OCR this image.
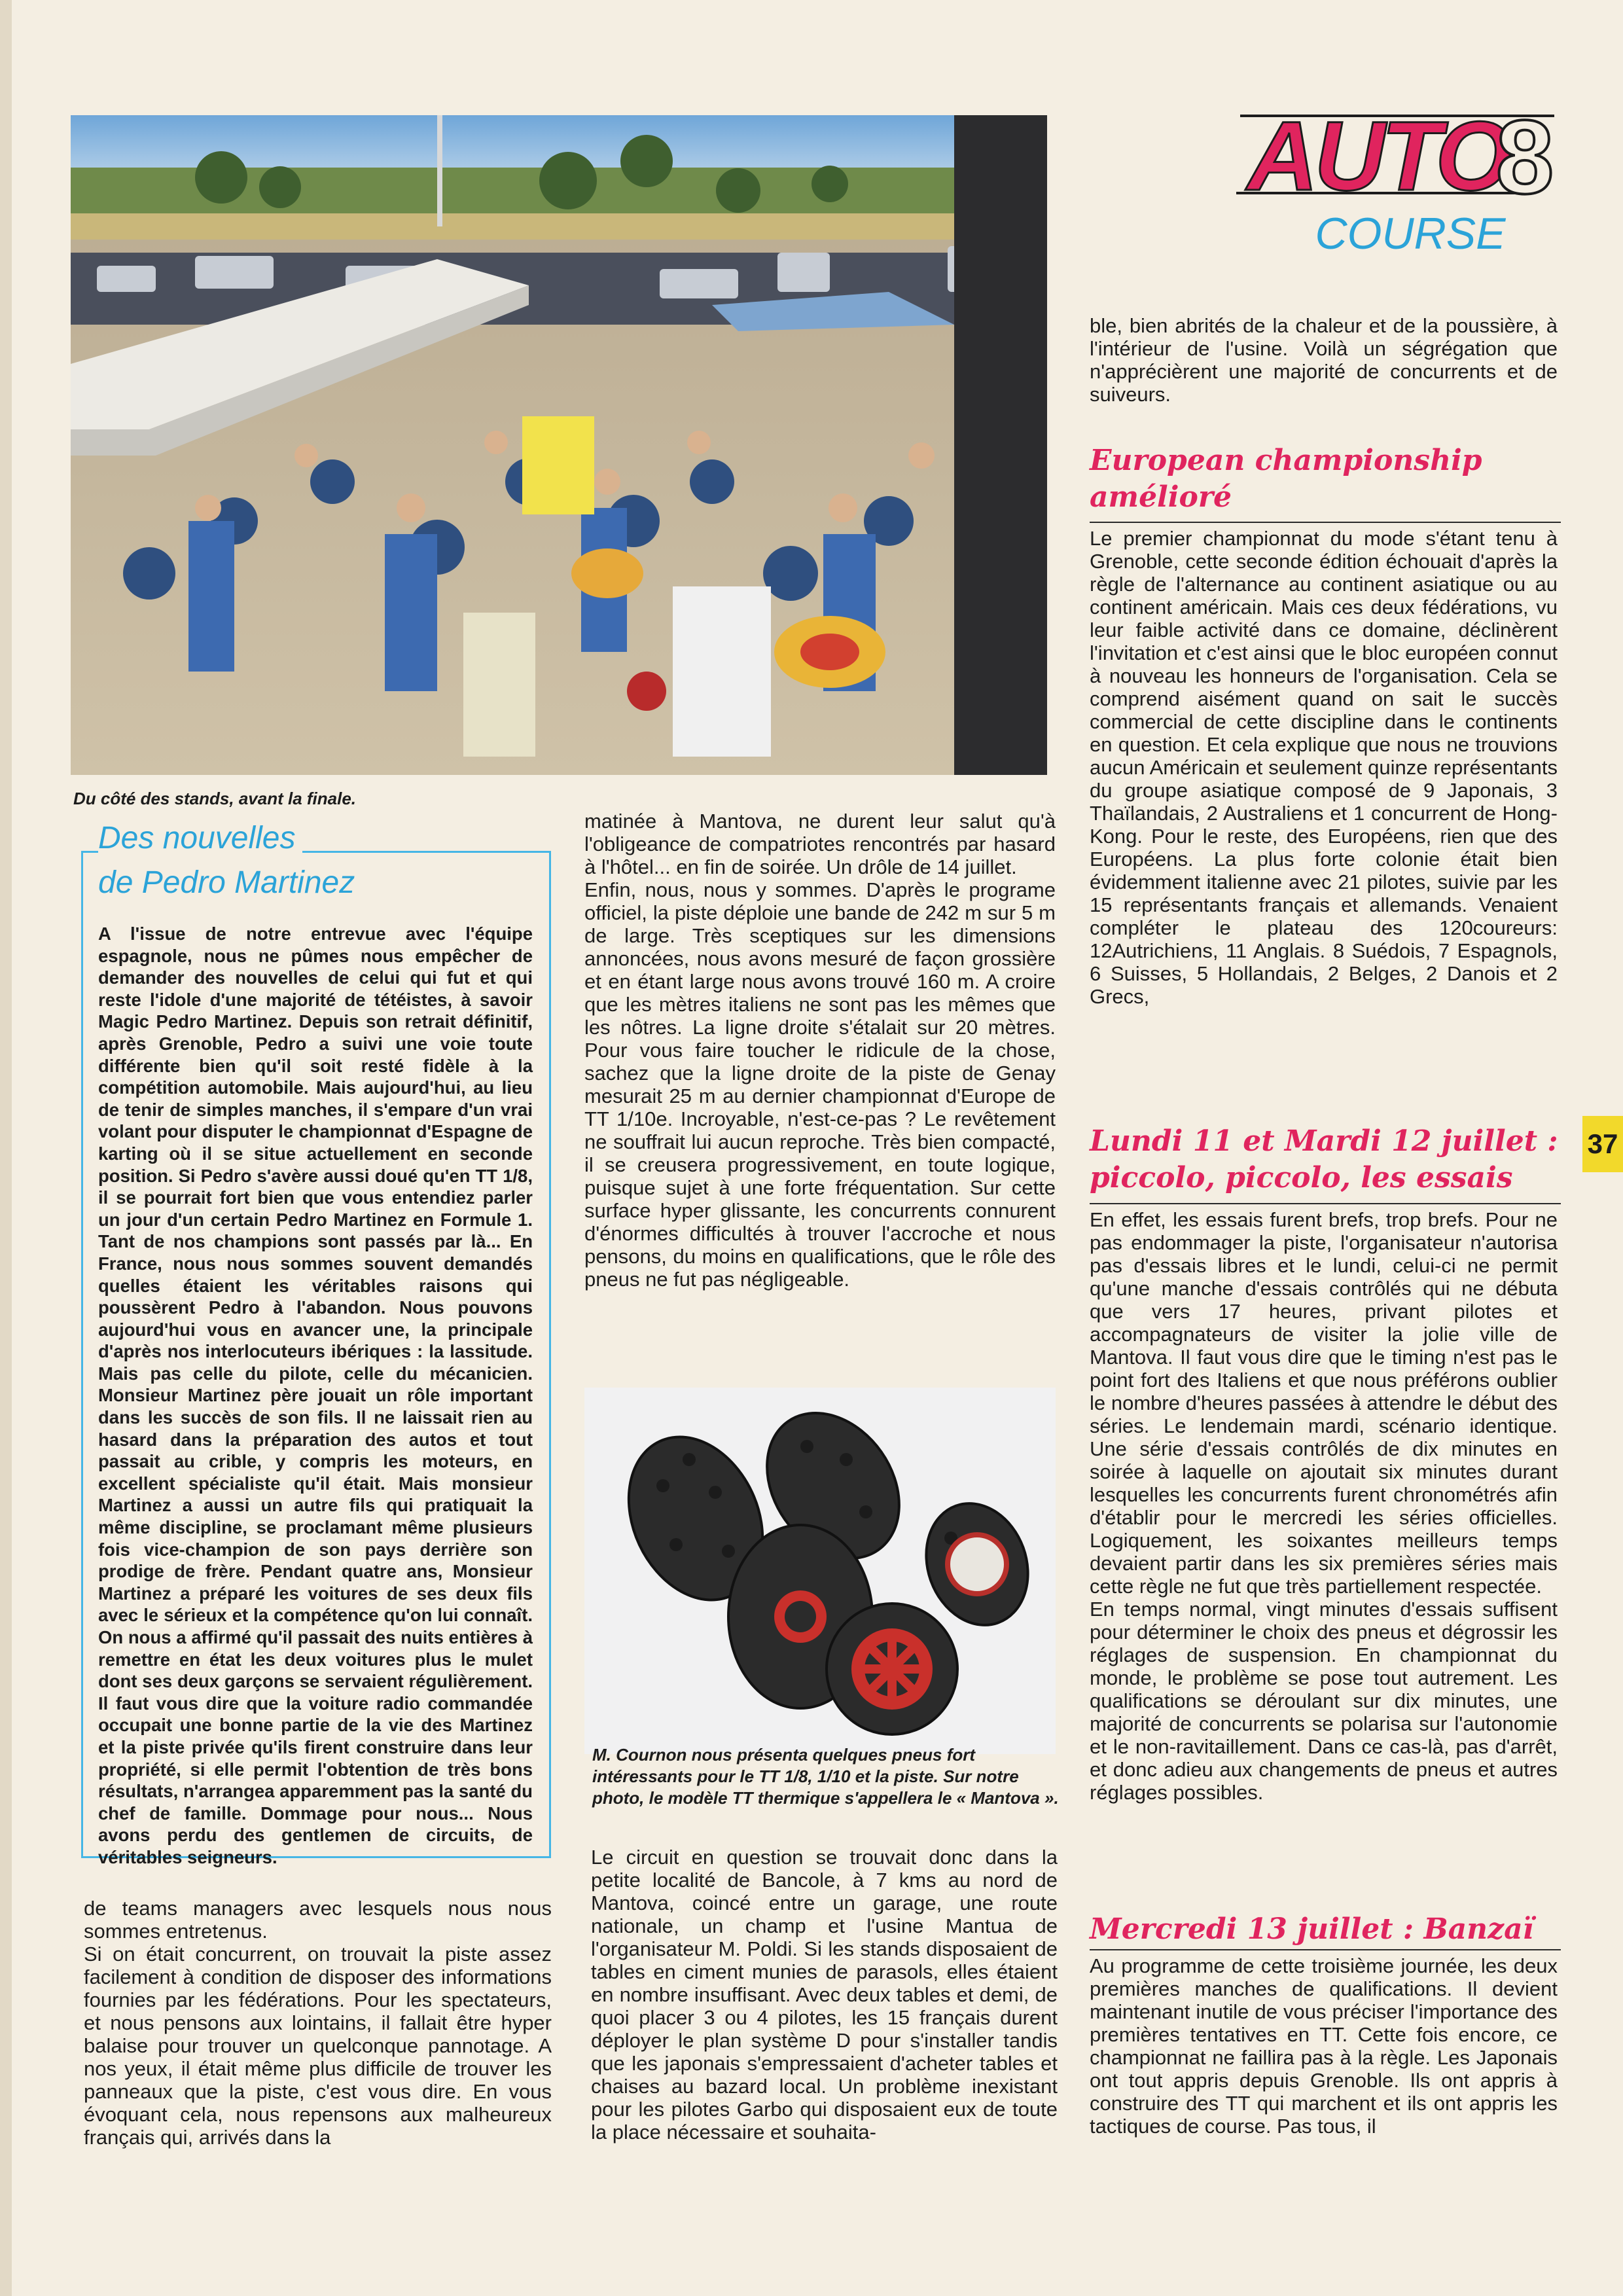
Du côté des stands, avant la finale.
AUTO
8
COURSE
Des nouvelles
de Pedro Martinez

A l'issue de notre entrevue avec l'équipe espagnole, nous ne pûmes nous empêcher de demander des nouvelles de celui qui fut et qui reste l'idole d'une majorité de tétéistes, à savoir Magic Pedro Martinez. Depuis son retrait définitif, après Grenoble, Pedro a suivi une voie toute différente bien qu'il soit resté fidèle à la compétition automobile. Mais aujourd'hui, au lieu de tenir de simples manches, il s'empare d'un vrai volant pour disputer le championnat d'Espagne de karting où il se situe actuellement en seconde position. Si Pedro s'avère aussi doué qu'en TT 1/8, il se pourrait fort bien que vous entendiez parler un jour d'un certain Pedro Martinez en Formule 1. Tant de nos champions sont passés par là... En France, nous nous sommes souvent demandés quelles étaient les véritables raisons qui poussèrent Pedro à l'abandon. Nous pouvons aujourd'hui vous en avancer une, la principale d'après nos interlocuteurs ibériques : la lassitude. Mais pas celle du pilote, celle du mécanicien. Monsieur Martinez père jouait un rôle important dans les succès de son fils. Il ne laissait rien au hasard dans la préparation des autos et tout passait au crible, y compris les moteurs, en excellent spécialiste qu'il était. Mais monsieur Martinez a aussi un autre fils qui pratiquait la même discipline, se proclamant même plusieurs fois vice-champion de son pays derrière son prodige de frère. Pendant quatre ans, Monsieur Martinez a préparé les voitures de ses deux fils avec le sérieux et la compétence qu'on lui connaît. On nous a affirmé qu'il passait des nuits entières à remettre en état les deux voitures plus le mulet dont ses deux garçons se servaient régulièrement. Il faut vous dire que la voiture radio commandée occupait une bonne partie de la vie des Martinez et la piste privée qu'ils firent construire dans leur propriété, si elle permit l'obtention de très bons résultats, n'arrangea apparemment pas la santé du chef de famille. Dommage pour nous... Nous avons perdu des gentlemen de circuits, de véritables seigneurs.

de teams managers avec lesquels nous nous sommes entretenus.

Si on était concurrent, on trouvait la piste assez facilement à condition de disposer des informations fournies par les fédérations. Pour les spectateurs, et nous pensons aux lointains, il fallait être hyper balaise pour trouver un quelconque pannotage. A nos yeux, il était même plus difficile de trouver les panneaux que la piste, c'est vous dire. En vous évoquant cela, nous repensons aux malheureux français qui, arrivés dans la

matinée à Mantova, ne durent leur salut qu'à l'obligeance de compatriotes rencontrés par hasard à l'hôtel... en fin de soirée. Un drôle de 14 juillet.

Enfin, nous, nous y sommes. D'après le programe officiel, la piste déploie une bande de 242 m sur 5 m de large. Très sceptiques sur les dimensions annoncées, nous avons mesuré de façon grossière et en étant large nous avons trouvé 160 m. A croire que les mètres italiens ne sont pas les mêmes que les nôtres. La ligne droite s'étalait sur 20 mètres. Pour vous faire toucher le ridicule de la chose, sachez que la ligne droite de la piste de Genay mesurait 25 m au dernier championnat d'Europe de TT 1/10e. Incroyable, n'est-ce-pas ? Le revêtement ne souffrait lui aucun reproche. Très bien compacté, il se creusera progressivement, en toute logique, puisque sujet à une forte fréquentation. Sur cette surface hyper glissante, les concurrents connurent d'énormes difficultés à trouver l'accroche et nous pensons, du moins en qualifications, que le rôle des pneus ne fut pas négligeable.

M. Cournon nous présenta quelques pneus fort intéressants pour le TT 1/8, 1/10 et la piste. Sur notre photo, le modèle TT thermique s'appellera le « Mantova ».

Le circuit en question se trouvait donc dans la petite localité de Bancole, à 7 kms au nord de Mantova, coincé entre un garage, une route nationale, un champ et l'usine Mantua de l'organisateur M. Poldi. Si les stands disposaient de tables en ciment munies de parasols, elles étaient en nombre insuffisant. Avec deux tables et demi, de quoi placer 3 ou 4 pilotes, les 15 français durent déployer le plan système D pour s'installer tandis que les japonais s'empressaient d'acheter tables et chaises au bazard local. Un problème inexistant pour les pilotes Garbo qui disposaient eux de toute la place nécessaire et souhaita-

ble, bien abrités de la chaleur et de la poussière, à l'intérieur de l'usine. Voilà un ségrégation que n'apprécièrent une majorité de concurrents et de suiveurs.

European championship amélioré

Le premier championnat du mode s'étant tenu à Grenoble, cette seconde édition échouait d'après la règle de l'alternance au continent asiatique ou au continent américain. Mais ces deux fédérations, vu leur faible activité dans ce domaine, déclinèrent l'invitation et c'est ainsi que le bloc européen connut à nouveau les honneurs de l'organisation. Cela se comprend aisément quand on sait le succès commercial de cette discipline dans le continents en question. Et cela explique que nous ne trouvions aucun Américain et seulement quinze représentants du groupe asiatique composé de 9 Japonais, 3 Thaïlandais, 2 Australiens et 1 concurrent de Hong-Kong. Pour le reste, des Européens, rien que des Européens. La plus forte colonie était bien évidemment italienne avec 21 pilotes, suivie par les 15 représentants français et allemands. Venaient compléter le plateau des 120coureurs: 12Autrichiens, 11 Anglais. 8 Suédois, 7 Espagnols, 6 Suisses, 5 Hollandais, 2 Belges, 2 Danois et 2 Grecs,

Lundi 11 et Mardi 12 juillet : piccolo, piccolo, les essais

En effet, les essais furent brefs, trop brefs. Pour ne pas endommager la piste, l'organisateur n'autorisa pas d'essais libres et le lundi, celui-ci ne permit qu'une manche d'essais contrôlés qui ne débuta que vers 17 heures, privant pilotes et accompagnateurs de visiter la jolie ville de Mantova. Il faut vous dire que le timing n'est pas le point fort des Italiens et que nous préférons oublier le nombre d'heures passées à attendre le début des séries. Le lendemain mardi, scénario identique. Une série d'essais contrôlés de dix minutes en soirée à laquelle on ajoutait six minutes durant lesquelles les concurrents furent chronométrés afin d'établir pour le mercredi les séries officielles. Logiquement, les soixantes meilleurs temps devaient partir dans les six premières séries mais cette règle ne fut que très partiellement respectée.

En temps normal, vingt minutes d'essais suffisent pour déterminer le choix des pneus et dégrossir les réglages de suspension. En championnat du monde, le problème se pose tout autrement. Les qualifications se déroulant sur dix minutes, une majorité de concurrents se polarisa sur l'autonomie et le non-ravitaillement. Dans ce cas-là, pas d'arrêt, et donc adieu aux changements de pneus et autres réglages possibles.

Mercredi 13 juillet : Banzaï

Au programme de cette troisième journée, les deux premières manches de qualifications. Il devient maintenant inutile de vous préciser l'importance des premières tentatives en TT. Cette fois encore, ce championnat ne faillira pas à la règle. Les Japonais ont tout appris depuis Grenoble. Ils ont appris à construire des TT qui marchent et ils ont appris les tactiques de course. Pas tous, il

37
